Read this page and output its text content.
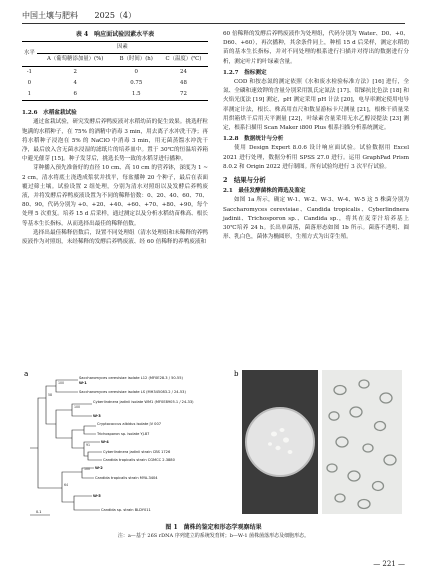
中国土壤与肥料 2025（4）
表 4　响应面试验因素水平表
水平	因素		
	A（葡萄糖添加量）(%)	B（时间）(h)	C（温度）(℃)
-1	2	0	24
0	4	0.75	48
1	6	1.5	72
1.2.6　水稻盆栽试验

通过盆栽试验，研究发酵后养鸭废液对水稻幼苗的促生效果。挑选籽粒饱满的水稻种子，在 75% 的酒精中消毒 3 min，用去离子水冲洗干净；再将水稻种子浸泡在 5% 的 NaClO 中消毒 3 min，用无菌蒸馏水冲洗干净，最后放入含无菌水浸湿的滤纸片的培养皿中。置于 30℃的恒温培养箱中避光催芽 [15]。种子发芽后，挑选长势一致的水稻芽进行播种。

芽种播入预先准备好的直径 10 cm、高 10 cm 的营养钵，深度为 1 ~ 2 cm，清水将底土浇透成浆状并找平，每盆播种 20 个种子，最后在表面覆过筛土壤。试验设置 2 组处理，分别为清水对照组以及发酵后养鸭废液，并将发酵后养鸭废液设置为不同的稀释倍数：0、20、40、60、70、80、90，代码分别为 +0、+20、+40、+60、+70、+80、+90，每个处理 5 次重复。培养 15 d 后采样，通过测定以及分析水稻幼苗株高、根长等基本生长指标，从而选择出最佳的稀释倍数。

选择出最佳稀释倍数后，设置不同处理组（清水处理组和未稀释的养鸭废液作为对照组，未经稀释的发酵后养鸭废液、经 60 倍稀释的养鸭废液和

60 倍稀释的发酵后养鸭废液作为处理组，代码分别为 Water、D0、+0、D60、+60），再次播种，其余条件同上，种植 15 d 后采样，测定水稻幼苗的基本生长指标，并对不同处理的根系进行扫描并对得出的数据进行分析，测定叶片的叶绿素含量。

1.2.7　指标测定

COD 和按态氮的测定依照《水和废水检验标准方法》[16] 进行，全氮、全磷和速效钾的含量分别采用凯氏定氮法 [17]、钼锑抗比色法 [18] 和火焰光度法 [19] 测定，pH 测定采用 pH 计法 [20]，电导率测定使用电导率测定计法，根长、株高用直尺和数显游标卡尺测量 [21]，根株干质量采用烘箱烘干后用天平测量 [22]，叶绿素含量采用无水乙醇浸提法 [23] 测定，根系扫描用 Scan Maker i800 Plus 根系扫描分析系统测定。

1.2.8　数据统计与分析

使用 Design Expert 8.0.6 设计响应面试验。试验数据用 Excel 2021 进行处理，数据分析用 SPSS 27.0 进行。运用 GraphPad Prism 8.0.2 和 Origin 2022 进行制图。所有试验均进行 3 次平行试验。

2　结果与分析
2.1　最佳发酵菌株的筛选及鉴定

如图 1a 所示，确定 W-1、W-2、W-3、W-4、W-5 这 5 株菌分别为 Saccharomyces cerevisiae、Candida tropicalis、Cyberlindnera jadinii、Trichosporon sp.、Candida sp.，将其在麦芽汁培养基上 30℃培养 24 h。长出单菌落，菌落形态如图 1b 所示。菌落不透明、圆形、乳白色，菌体为椭圆形，生殖方式为出芽生殖。

a	Saccharomyces cerevisiae isolate L12 (MF0E28.3 / 50-55)
W-1
Saccharomyces cerevisiae isolate LS (MH345083.2 / 24-53)
Cyberlindnera jadinii isolate WM1 (MF0E8905.1 / 24-33)
W-3
Cryptococcus albidus isolate JV 007
Trichosporon sp. isolate YJ-87
W-4
Cyberlindnera jadinii strain CBS 1726
Candida tropicalis strain CGMCC 2.3880
W-2
Candida tropicalis strain MYA-3404
W-5
Candida sp. strain BLDY011
58
100
100
91
64
100
0.1
b
图 1　菌株的鉴定和形态学观察结果
注：a—基于 26S rDNA 序列建立的系统发育树；b—W-1 菌株菌落形态及细胞形态。
— 221 —
